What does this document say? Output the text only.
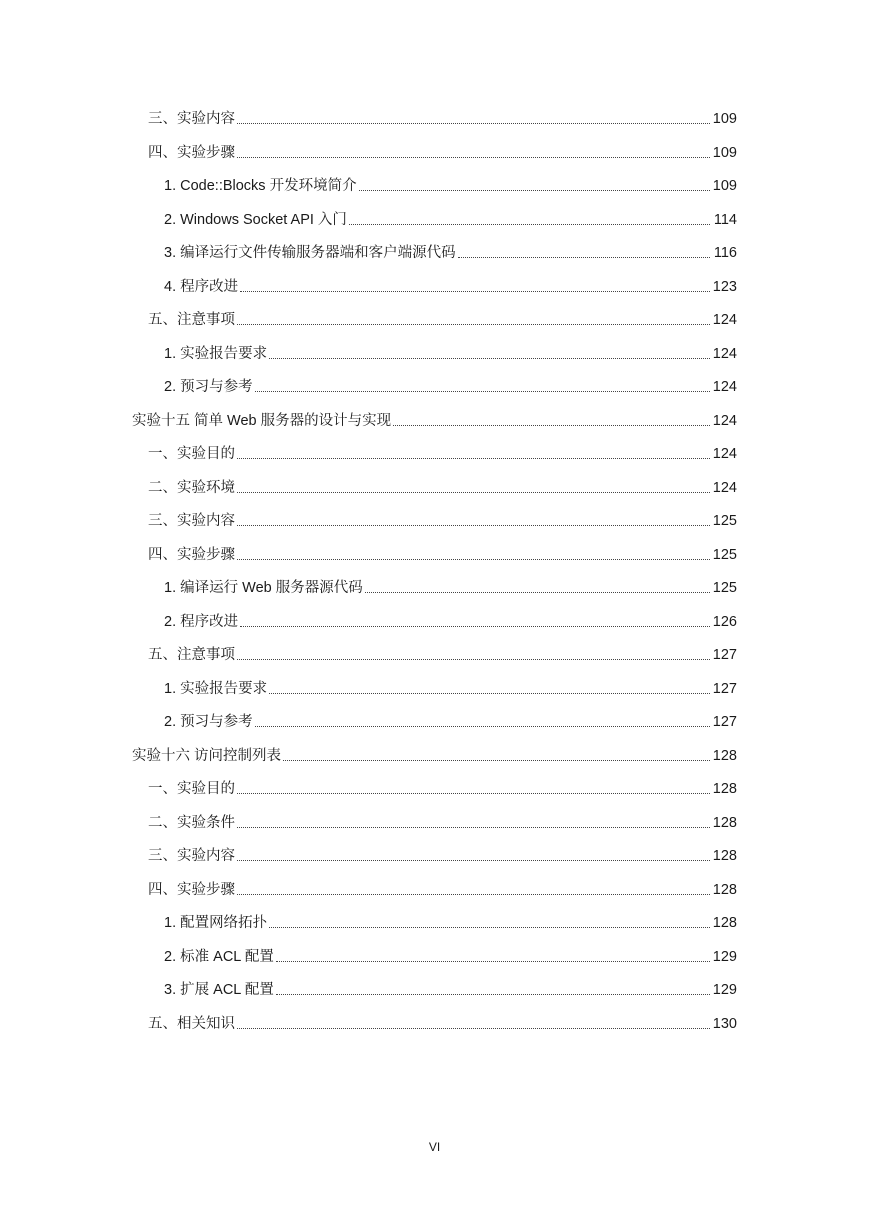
三、实验内容	109
四、实验步骤	109
1. Code::Blocks 开发环境简介	109
2. Windows Socket API 入门	114
3. 编译运行文件传输服务器端和客户端源代码	116
4. 程序改进	123
五、注意事项	124
1. 实验报告要求	124
2. 预习与参考	124
实验十五 简单 Web 服务器的设计与实现	124
一、实验目的	124
二、实验环境	124
三、实验内容	125
四、实验步骤	125
1. 编译运行 Web 服务器源代码	125
2. 程序改进	126
五、注意事项	127
1. 实验报告要求	127
2. 预习与参考	127
实验十六 访问控制列表	128
一、实验目的	128
二、实验条件	128
三、实验内容	128
四、实验步骤	128
1. 配置网络拓扑	128
2. 标准 ACL 配置	129
3. 扩展 ACL 配置	129
五、相关知识	130
VI
